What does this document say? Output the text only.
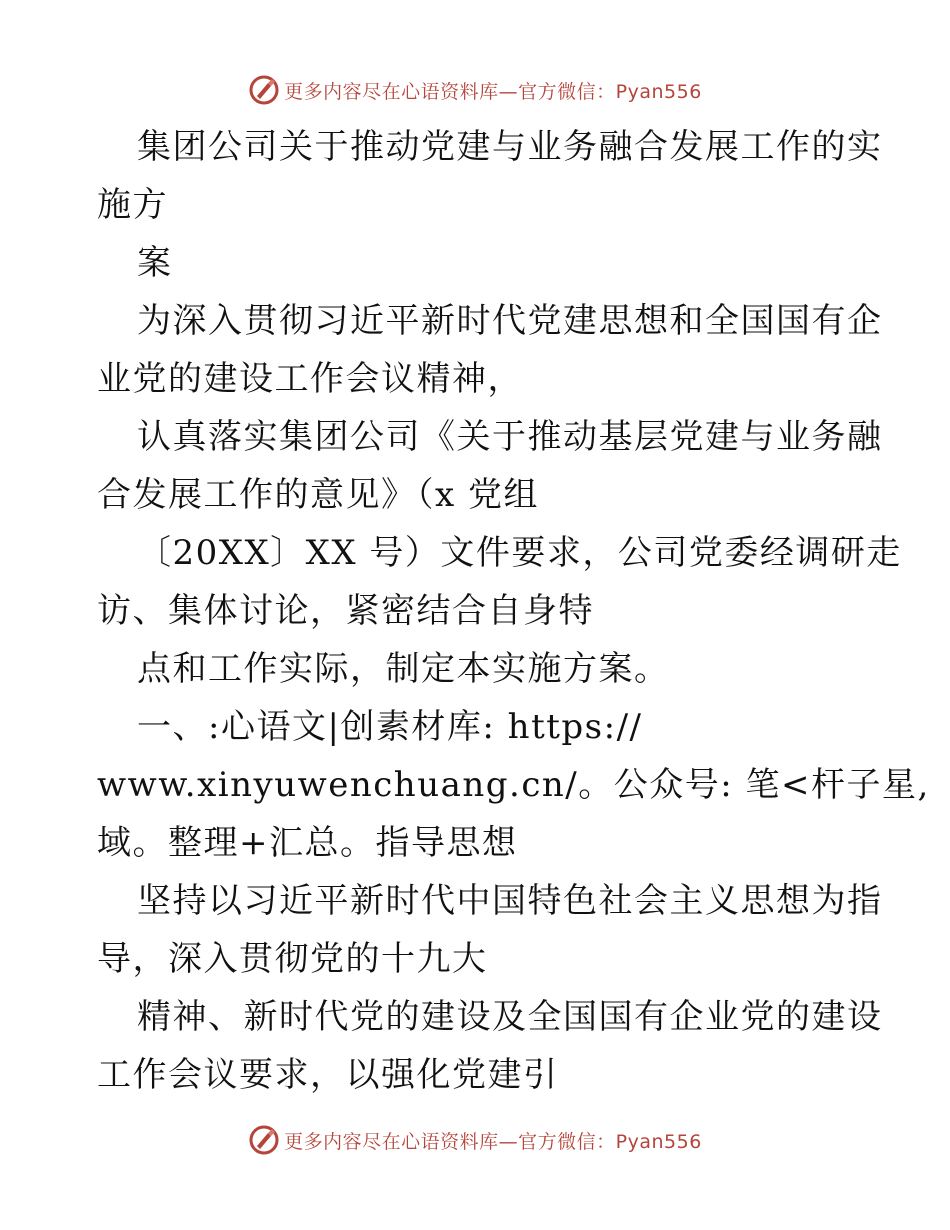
更多内容尽在心语资料库—官方微信：Pyan556
集团公司关于推动党建与业务融合发展工作的实
施方
案
为深入贯彻习近平新时代党建思想和全国国有企
业党的建设工作会议精神，
认真落实集团公司《关于推动基层党建与业务融
合发展工作的意见》（x 党组
〔20XX〕XX 号）文件要求，公司党委经调研走
访、集体讨论，紧密结合自身特
点和工作实际，制定本实施方案。
一、:心语文|创素材库: https://
www.xinyuwenchuang.cn/。公众号: 笔<杆子星,
域。整理+汇总。指导思想
坚持以习近平新时代中国特色社会主义思想为指
导，深入贯彻党的十九大
精神、新时代党的建设及全国国有企业党的建设
工作会议要求，以强化党建引
更多内容尽在心语资料库—官方微信：Pyan556
